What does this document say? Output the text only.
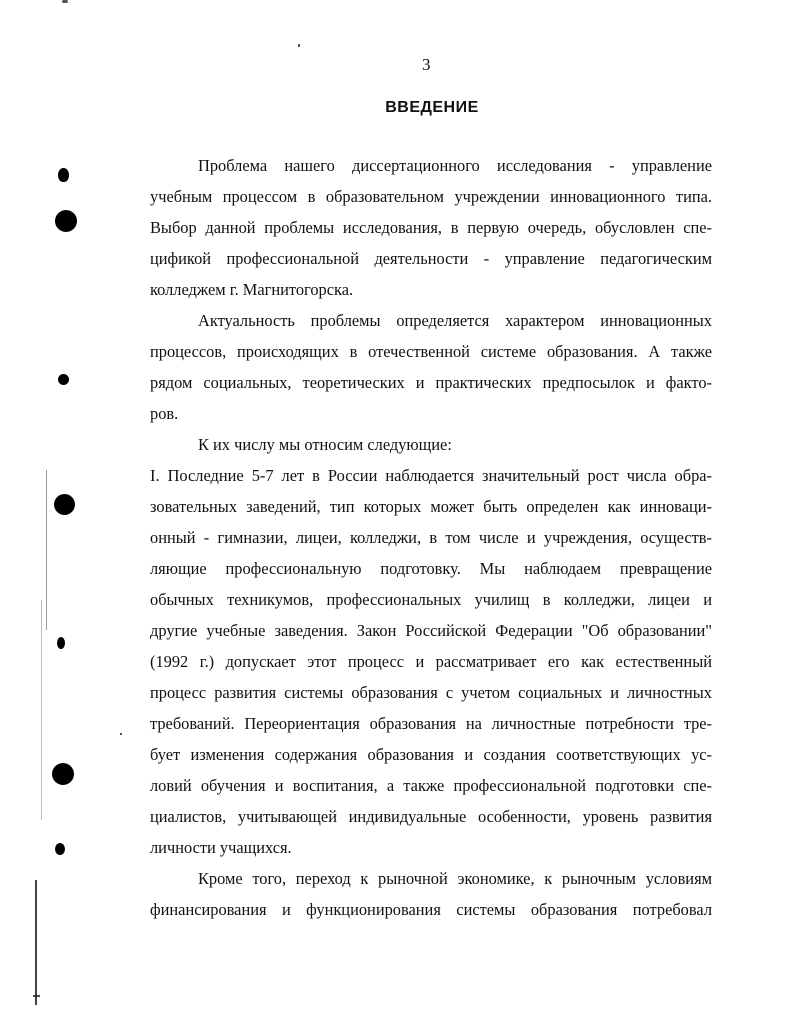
3
ВВЕДЕНИЕ
Проблема нашего диссертационного исследования - управление
учебным процессом в образовательном учреждении инновационного типа.
Выбор данной проблемы исследования, в первую очередь, обусловлен спе-
цификой профессиональной деятельности - управление педагогическим
колледжем г. Магнитогорска.
Актуальность проблемы определяется характером инновационных
процессов, происходящих в отечественной системе образования. А также
рядом социальных, теоретических и практических предпосылок и факто-
ров.
К их числу мы относим следующие:
I. Последние 5-7 лет в России наблюдается значительный рост числа обра-
зовательных заведений, тип которых может быть определен как инноваци-
онный - гимназии, лицеи, колледжи, в том числе и учреждения, осуществ-
ляющие профессиональную подготовку. Мы наблюдаем превращение
обычных техникумов, профессиональных училищ в колледжи, лицеи и
другие учебные заведения. Закон Российской Федерации "Об образовании"
(1992 г.) допускает этот процесс и рассматривает его как естественный
процесс развития системы образования с учетом социальных и личностных
требований. Переориентация образования на личностные потребности тре-
бует изменения содержания образования и создания соответствующих ус-
ловий обучения и воспитания, а также профессиональной подготовки спе-
циалистов, учитывающей индивидуальные особенности, уровень развития
личности учащихся.
Кроме того, переход к рыночной экономике, к рыночным условиям
финансирования и функционирования системы образования потребовал
